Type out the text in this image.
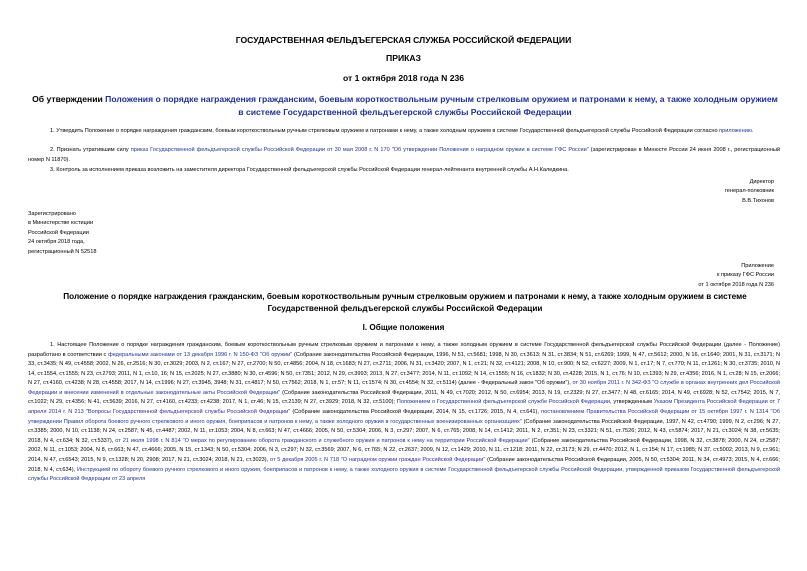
ГОСУДАРСТВЕННАЯ ФЕЛЬДЪЕГЕРСКАЯ СЛУЖБА РОССИЙСКОЙ ФЕДЕРАЦИИ
ПРИКАЗ
от 1 октября 2018 года N 236
Об утверждении Положения о порядке награждения гражданским, боевым короткоствольным ручным стрелковым оружием и патронами к нему, а также холодным оружием в системе Государственной фельдъегерской службы Российской Федерации
1. Утвердить Положение о порядке награждения гражданским, боевым короткоствольным ручным стрелковым оружием и патронами к нему, а также холодным оружием в системе Государственной фельдъегерской службы Российской Федерации согласно приложению.
2. Признать утратившим силу приказ Государственной фельдъегерской службы Российской Федерации от 30 мая 2008 г. N 170 "Об утверждении Положения о наградном оружии в системе ГФС России" (зарегистрирован в Минюсте России 24 июня 2008 г., регистрационный номер N 11870).
3. Контроль за исполнением приказа возложить на заместителя директора Государственной фельдъегерской службы Российской Федерации генерал-лейтенанта внутренней службы А.Н.Каледкина.
Директор
генерал-полковник
В.В.Тихонов
Зарегистрировано
в Министерстве юстиции
Российской Федерации
24 октября 2018 года,
регистрационный N 52518
Приложение
к приказу ГФС России
от 1 октября 2018 года N 236
Положение о порядке награждения гражданским, боевым короткоствольным ручным стрелковым оружием и патронами к нему, а также холодным оружием в системе Государственной фельдъегерской службы Российской Федерации
I. Общие положения
1. Настоящее Положение о порядке награждения гражданским, боевым короткоствольным ручным стрелковым оружием и патронами к нему, а также холодным оружием в системе Государственной фельдъегерской службы Российской Федерации (далее - Положение) разработано в соответствии с федеральными законами от 13 декабря 1996 г. N 150-ФЗ "Об оружии" (Собрание законодательства Российской Федерации, 1996, N 51, ст.5681; 1998, N 30, ст.3613; N 31, ст.3834; N 51, ст.6269; 1999, N 47, ст.5612; 2000, N 16, ст.1640; 2001, N 31, ст.3171; N 33, ст.3435; N 49, ст.4558; 2002, N 26, ст.2516; N 30, ст.3029; 2003, N 2, ст.167; N 27, ст.2700; N 50, ст.4856; 2004, N 18, ст.1683; N 27, ст.2711; 2006, N 31, ст.3420; 2007, N 1, ст.21; N 32, ст.4121; 2008, N 10, ст.900; N 52, ст.6227; 2009, N 1, ст.17; N 7, ст.770; N 11, ст.1261; N 30, ст.3735; 2010, N 14, ст.1554, ст.1555; N 23, ст.2793; 2011, N 1, ст.10, 16; N 15, ст.2025; N 27, ст.3880; N 30, ст.4596; N 50, ст.7351; 2012, N 29, ст.3993; 2013, N 27, ст.3477; 2014, N 11, ст.1092; N 14, ст.1555; N 16, ст.1832; N 30, ст.4228; 2015, N 1, ст.76; N 10, ст.1393; N 29, ст.4356; 2016, N 1, ст.28; N 15, ст.2066; N 27, ст.4160, ст.4238; N 28, ст.4558; 2017, N 14, ст.1996; N 27, ст.3945, 3948; N 31, ст.4817; N 50, ст.7562; 2018, N 1, ст.57; N 11, ст.1574; N 30, ст.4554; N 32, ст.5114) (далее - Федеральный закон "Об оружии"), от 30 ноября 2011 г. N 342-ФЗ "О службе в органах внутренних дел Российской Федерации и внесении изменений в отдельные законодательные акты Российской Федерации" (Собрание законодательства Российской Федерации, 2011, N 49, ст.7020; 2012, N 50, ст.6954; 2013, N 19, ст.2329; N 27, ст.3477; N 48, ст.6165; 2014, N 49, ст.6928; N 52, ст.7542; 2015, N 7, ст.1022; N 29, ст.4356; N 41, ст.5639; 2016, N 27, ст.4160, ст.4233; ст.4238; 2017, N 1, ст.46; N 15, ст.2139; N 27, ст.3929; 2018, N 32, ст.5100); Положением о Государственной фельдъегерской службе Российской Федерации, утвержденным Указом Президента Российской Федерации от 7 апреля 2014 г. N 213 "Вопросы Государственной фельдъегерской службы Российской Федерации" (Собрание законодательства Российской Федерации, 2014, N 15, ст.1726; 2015, N 4, ст.641), постановлением Правительства Российской Федерации от 15 октября 1997 г. N 1314 "Об утверждении Правил оборота боевого ручного стрелкового и иного оружия, боеприпасов и патронов к нему, а также холодного оружия в государственных военизированных организациях" (Собрание законодательства Российской Федерации, 1997, N 42, ст.4790; 1999, N 2, ст.296; N 27, ст.3385; 2000, N 10, ст.1138; N 24, ст.2587; N 45, ст.4487; 2002, N 11, ст.1053; 2004, N 8, ст.663; N 47, ст.4666; 2005, N 50, ст.5304; 2006, N 3, ст.297; 2007, N 6, ст.765; 2008, N 14, ст.1412; 2011, N 2, ст.351; N 23, ст.3321; N 51, ст.7526; 2012, N 43, ст.5874; 2017, N 21, ст.3024; N 38, ст.5635; 2018, N 4, ст.634; N 32, ст.5337), от 21 июля 1998 г. N 814 "О мерах по регулированию оборота гражданского и служебного оружия и патронов к нему на территории Российской Федерации" (Собрание законодательства Российской Федерации, 1998, N 32, ст.3878; 2000, N 24, ст.2587; 2002, N 11, ст.1053; 2004, N 8, ст.663; N 47, ст.4666; 2005, N 15, ст.1343; N 50, ст.5304; 2006, N 3, ст.297; N 32, ст.3569; 2007, N 6, ст.765; N 22, ст.2637; 2009, N 12, ст.1429; 2010, N 11, ст.1218; 2011, N 22, ст.3173; N 29, ст.4470; 2012, N 1, ст.154; N 17, ст.1985; N 37, ст.5002; 2013, N 9, ст.961; 2014, N 47, ст.6543; 2015, N 9, ст.1328; N 20, 2908; 2017, N 21, ст.3024; 2018, N 21, ст.3023), от 5 декабря 2005 г. N 718 "О наградном оружии граждан Российской Федерации" (Собрание законодательства Российской Федерации, 2005, N 50, ст.5304; 2011, N 34, ст.4973; 2015, N 4, ст.666; 2018, N 4, ст.634), Инструкцией по обороту боевого ручного стрелкового и иного оружия, боеприпасов и патронов к нему, а также холодного оружия в системе Государственной фельдъегерской службы Российской Федерации, утвержденной приказом Государственной фельдъегерской службы Российской Федерации от 23 апреля
